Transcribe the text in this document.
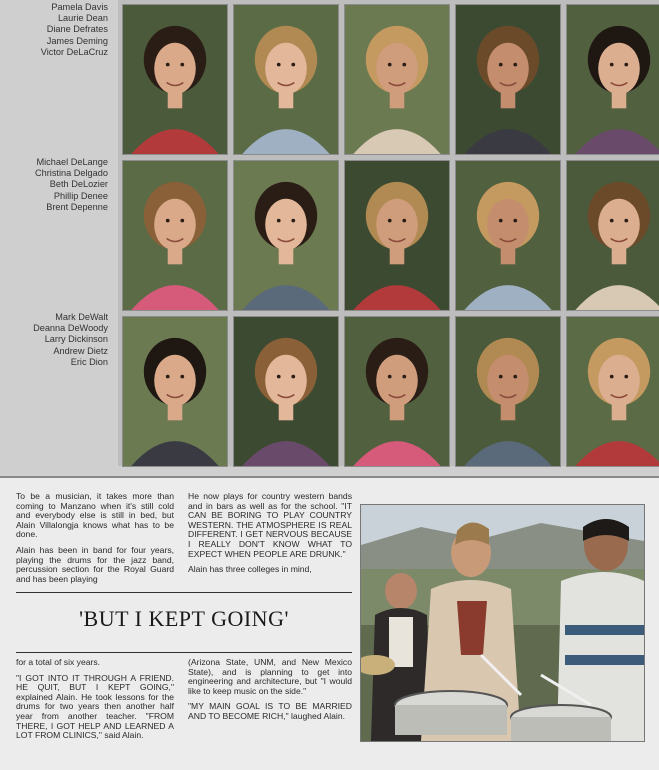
Pamela Davis
Laurie Dean
Diane Defrates
James Deming
Victor DeLaCruz
Michael DeLange
Christina Delgado
Beth DeLozier
Phillip Denee
Brent Depenne
Mark DeWalt
Deanna DeWoody
Larry Dickinson
Andrew Dietz
Eric Dion

To be a musician, it takes more than coming to Manzano when it's still cold and everybody else is still in bed, but Alain Villalongja knows what has to be done.

Alain has been in band for four years, playing the drums for the jazz band, percussion section for the Royal Guard and has been playing

He now plays for country western bands and in bars as well as for the school. "IT CAN BE BORING TO PLAY COUNTRY WESTERN. THE ATMOSPHERE IS REAL DIFFERENT. I GET NERVOUS BECAUSE I REALLY DON'T KNOW WHAT TO EXPECT WHEN PEOPLE ARE DRUNK."

Alain has three colleges in mind,

'BUT I KEPT GOING'

for a total of six years.

"I GOT INTO IT THROUGH A FRIEND. HE QUIT, BUT I KEPT GOING," explained Alain. He took lessons for the drums for two years then another half year from another teacher. "FROM THERE, I GOT HELP AND LEARNED A LOT FROM CLINICS," said Alain.

(Arizona State, UNM, and New Mexico State), and is planning to get into engineering and architecture, but "I would like to keep music on the side."

"MY MAIN GOAL IS TO BE MARRIED AND TO BECOME RICH," laughed Alain.
